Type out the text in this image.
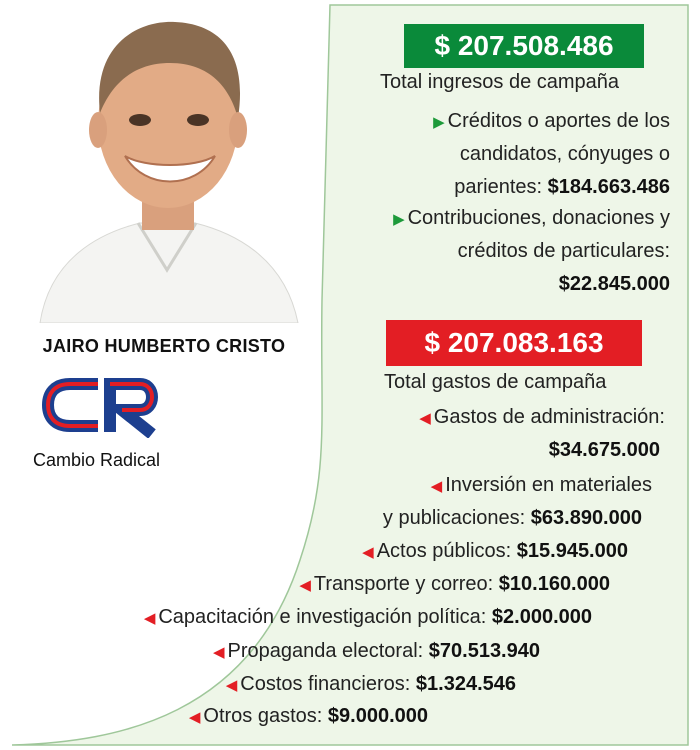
JAIRO HUMBERTO CRISTO
Cambio Radical
$ 207.508.486
Total ingresos de campaña
▶ Créditos o aportes de los
candidatos, cónyuges o
parientes: $184.663.486
▶ Contribuciones, donaciones y
créditos de particulares:
$22.845.000
$ 207.083.163
Total gastos de campaña
◀ Gastos de administración:
$34.675.000
◀ Inversión en materiales
y publicaciones: $63.890.000
◀ Actos públicos: $15.945.000
◀ Transporte y correo: $10.160.000
◀ Capacitación e investigación política: $2.000.000
◀ Propaganda electoral: $70.513.940
◀ Costos financieros: $1.324.546
◀ Otros gastos: $9.000.000
